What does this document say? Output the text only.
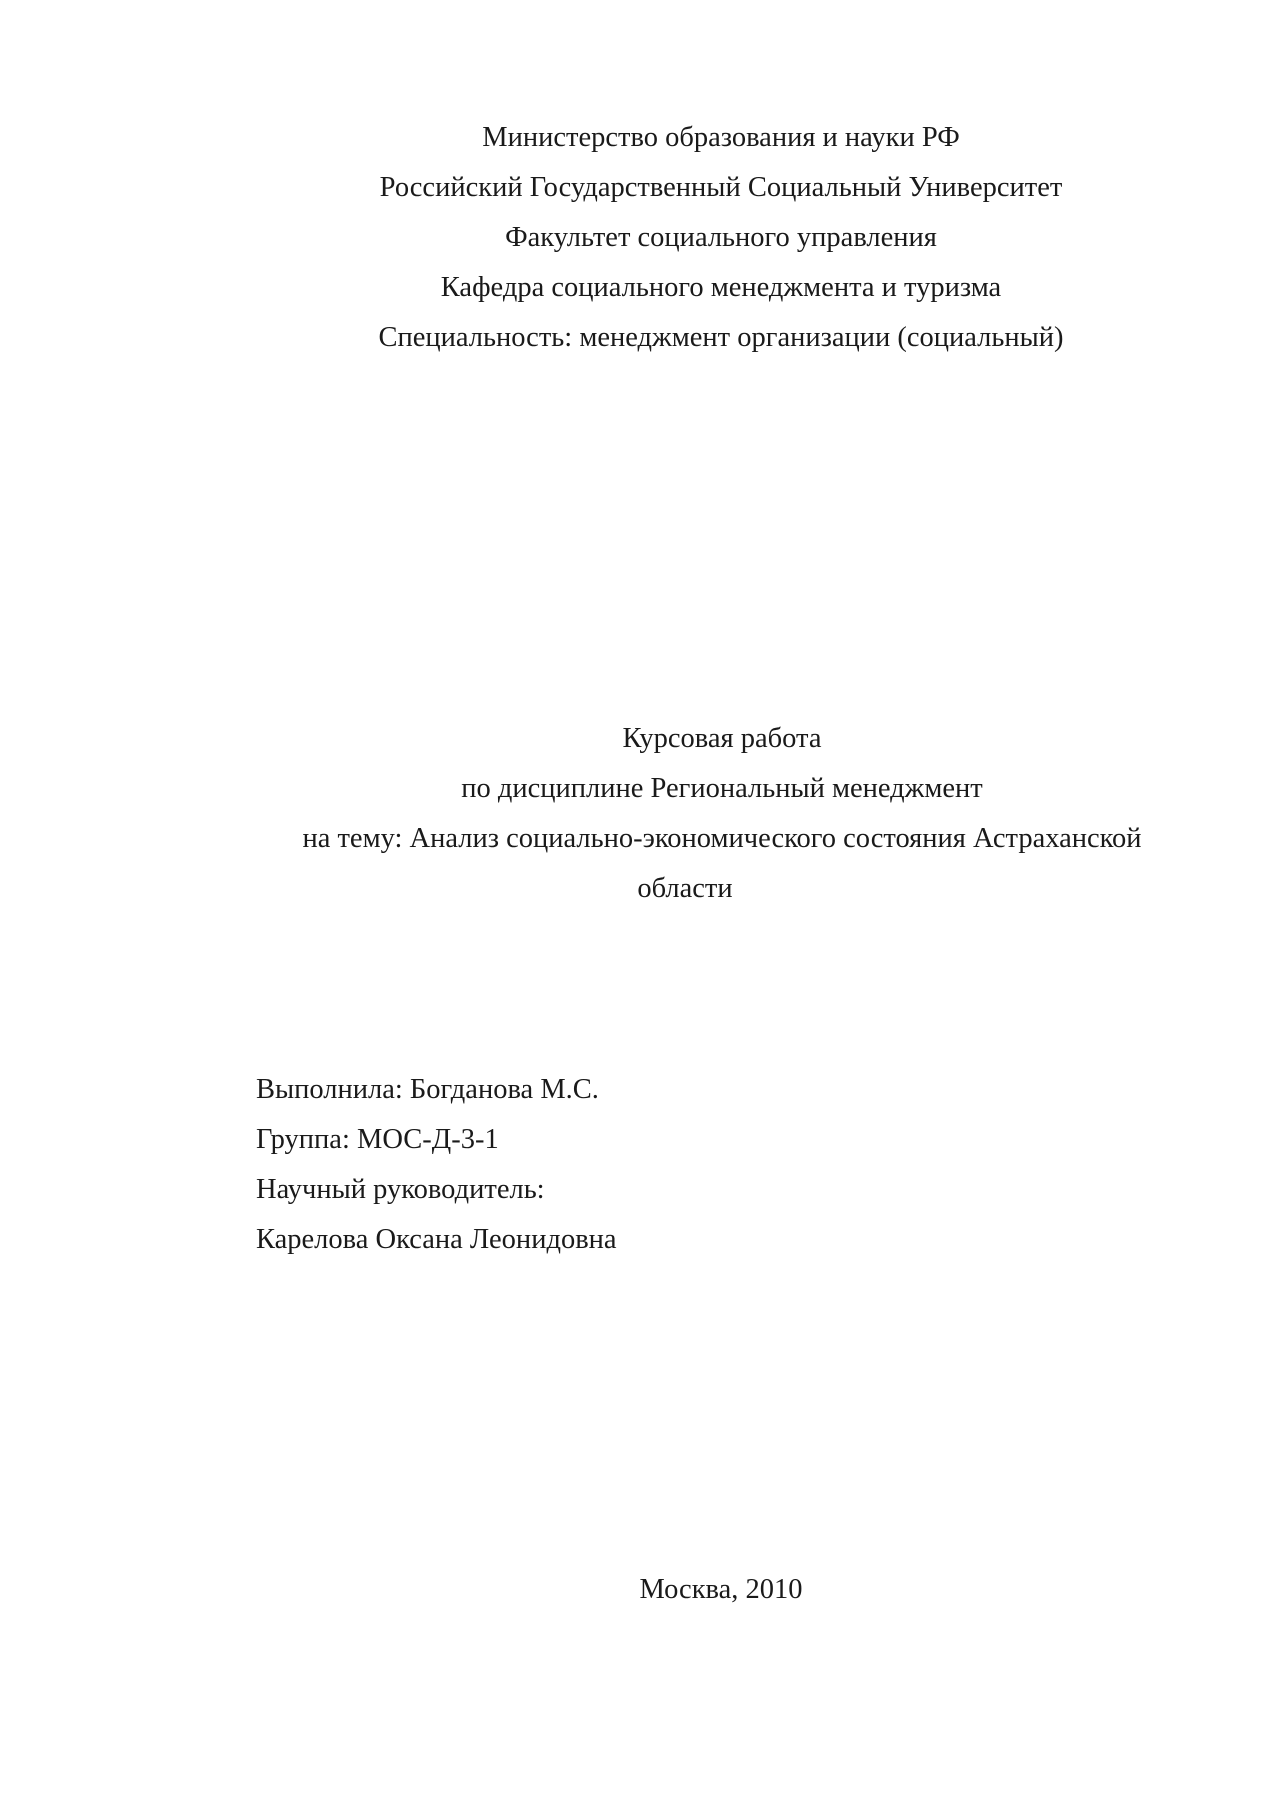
Министерство образования и науки РФ
Российский Государственный Социальный Университет
Факультет социального управления
Кафедра социального менеджмента и туризма
Специальность: менеджмент организации (социальный)
Курсовая работа
по дисциплине Региональный менеджмент
на тему: Анализ социально-экономического состояния Астраханской
области
Выполнила: Богданова М.С.
Группа: МОС-Д-3-1
Научный руководитель:
Карелова Оксана Леонидовна
Москва, 2010
